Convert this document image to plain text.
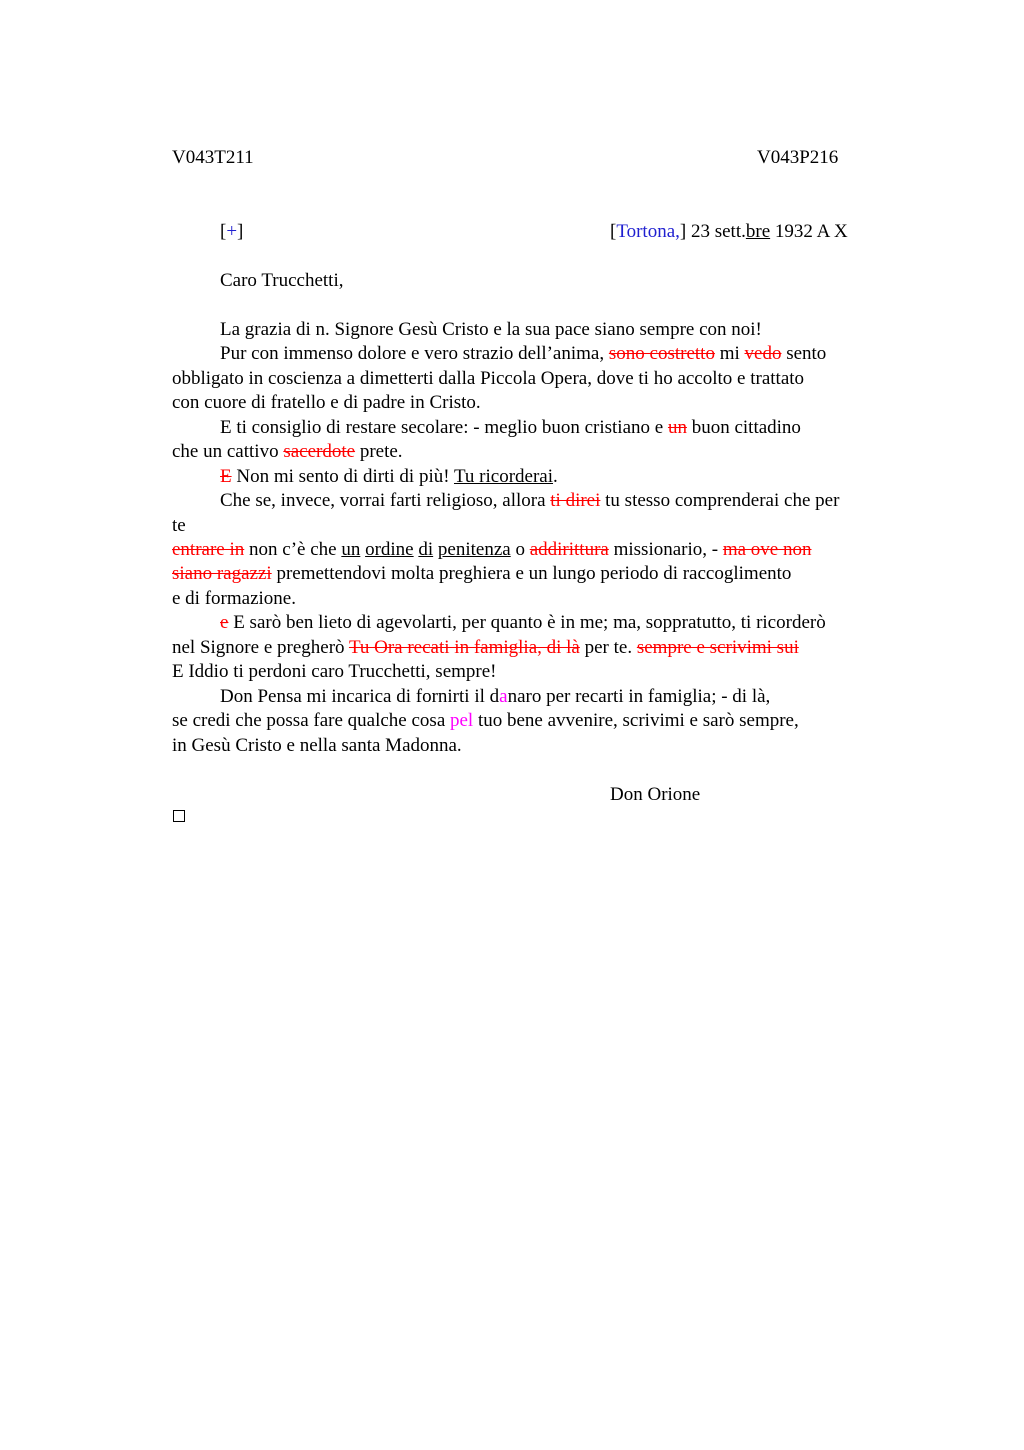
V043T211	V043P216
[+]	[Tortona,] 23 sett.bre 1932 A X
Caro Trucchetti,
La grazia di n. Signore Gesù Cristo e la sua pace siano sempre con noi!
Pur con immenso dolore e vero strazio dell’anima, sono costretto mi vedo sento
obbligato in coscienza a dimetterti dalla Piccola Opera, dove ti ho accolto e trattato
con cuore di fratello e di padre in Cristo.
E ti consiglio di restare secolare: - meglio buon cristiano e un buon cittadino
che un cattivo sacerdote prete.
E Non mi sento di dirti di più! Tu ricorderai.
Che se, invece, vorrai farti religioso, allora ti direi tu stesso comprenderai che per
te
entrare in non c’è che un ordine di penitenza o addirittura missionario, - ma ove non
siano ragazzi premettendovi molta preghiera e un lungo periodo di raccoglimento
e di formazione.
e E sarò ben lieto di agevolarti, per quanto è in me; ma, soppratutto, ti ricorderò
nel Signore e pregherò Tu Ora recati in famiglia, di là per te. sempre e scrivimi sui
E Iddio ti perdoni caro Trucchetti, sempre!
Don Pensa mi incarica di fornirti il danaro per recarti in famiglia; - di là,
se credi che possa fare qualche cosa pel tuo bene avvenire, scrivimi e sarò sempre,
in Gesù Cristo e nella santa Madonna.
Don Orione
